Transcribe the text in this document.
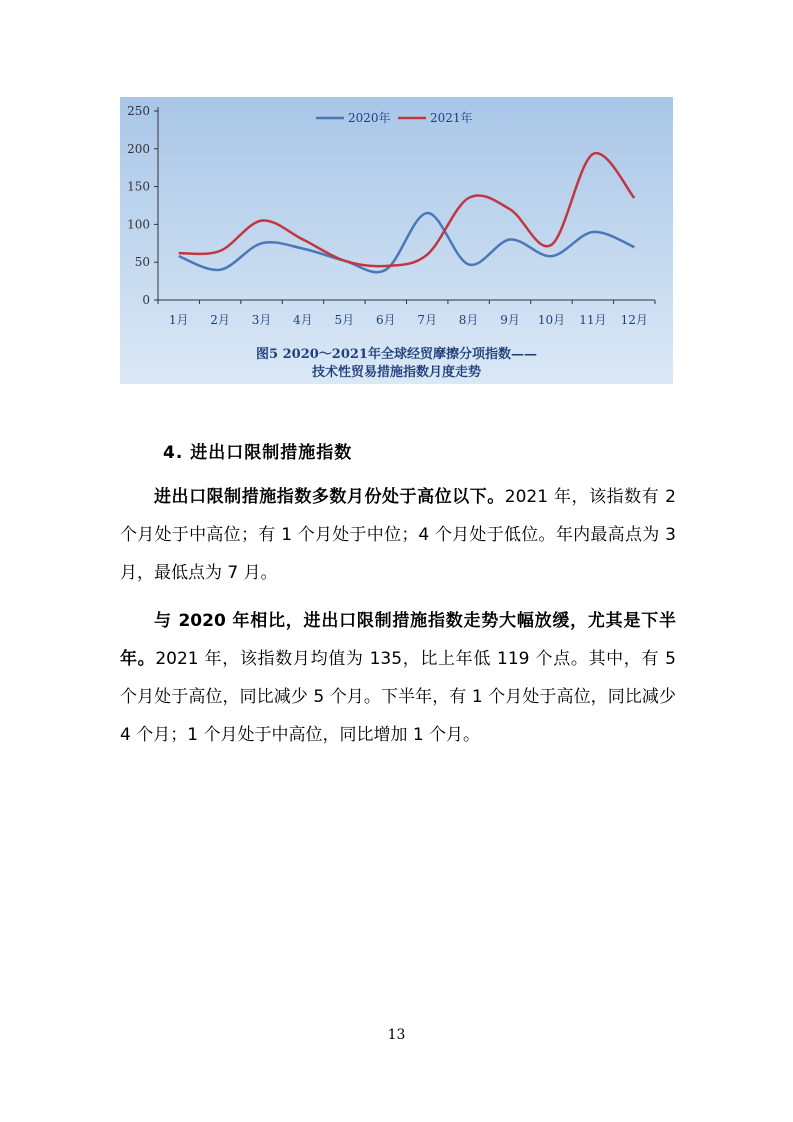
0
50
100
150
200
250
1月 2月 3月 4月 5月 6月 7月 8月 9月 10月 11月 12月
2020年	2021年
图5 2020～2021年全球经贸摩擦分项指数——
技术性贸易措施指数月度走势
4. 进出口限制措施指数
进出口限制措施指数多数月份处于高位以下。2021 年，该指数有 2 个月处于中高位；有 1 个月处于中位；4 个月处于低位。年内最高点为 3 月，最低点为 7 月。
与 2020 年相比，进出口限制措施指数走势大幅放缓，尤其是下半年。2021 年，该指数月均值为 135，比上年低 119 个点。其中，有 5 个月处于高位，同比减少 5 个月。下半年，有 1 个月处于高位，同比减少 4 个月；1 个月处于中高位，同比增加 1 个月。
13
